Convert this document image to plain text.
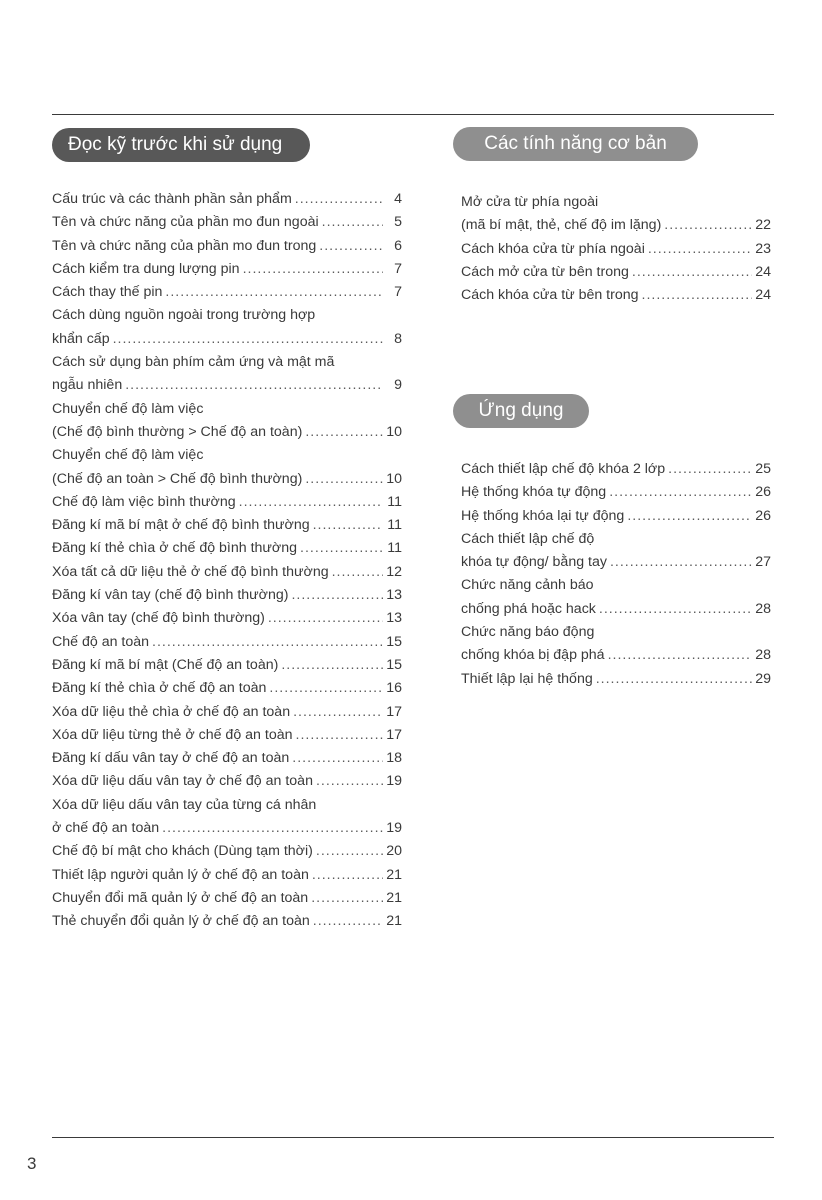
Đọc kỹ trước khi sử dụng	Các tính năng cơ bản
Ứng dụng
Cấu trúc và các thành phần sản phẩm .....	4
Tên và chức năng của phần mo đun ngoài .....	5
Tên và chức năng của phần mo đun trong .....	6
Cách kiểm tra dung lượng pin .....	7
Cách thay thế pin .....	7
Cách dùng nguồn ngoài trong trường hợp
khẩn cấp .....	8
Cách sử dụng bàn phím cảm ứng và mật mã
ngẫu nhiên .....	9
Chuyển chế độ làm việc
(Chế độ bình thường > Chế độ an toàn) .....	10
Chuyển chế độ làm việc
(Chế độ an toàn > Chế độ bình thường) .....	10
Chế độ làm việc bình thường .....	11
Đăng kí mã bí mật ở chế độ bình thường .....	11
Đăng kí thẻ chìa ở chế độ bình thường .....	11
Xóa tất cả dữ liệu thẻ ở chế độ bình thường .....	12
Đăng kí vân tay (chế độ bình thường) .....	13
Xóa vân tay (chế độ bình thường) .....	13
Chế độ an toàn .....	15
Đăng kí mã bí mật (Chế độ an toàn) .....	15
Đăng kí thẻ chìa ở chế độ an toàn .....	16
Xóa dữ liệu thẻ chìa ở chế độ an toàn .....	17
Xóa dữ liệu từng thẻ ở chế độ an toàn .....	17
Đăng kí dấu vân tay ở chế độ an toàn .....	18
Xóa dữ liệu dấu vân tay ở chế độ an toàn .....	19
Xóa dữ liệu dấu vân tay của từng cá nhân
ở chế độ an toàn .....	19
Chế độ bí mật cho khách (Dùng tạm thời) .....	20
Thiết lập người quản lý ở chế độ an toàn .....	21
Chuyển đổi mã quản lý ở chế độ an toàn .....	21
Thẻ chuyển đổi quản lý ở chế độ an toàn .....	21
Mở cửa từ phía ngoài
(mã bí mật, thẻ, chế độ im lặng) .....	22
Cách khóa cửa từ phía ngoài .....	23
Cách mở cửa từ bên trong .....	24
Cách khóa cửa từ bên trong .....	24
Cách thiết lập chế độ khóa 2 lớp .....	25
Hệ thống khóa tự động .....	26
Hệ thống khóa lại tự động .....	26
Cách thiết lập chế độ
khóa tự động/ bằng tay .....	27
Chức năng cảnh báo
chống phá hoặc hack .....	28
Chức năng báo động
chống khóa bị đập phá .....	28
Thiết lập lại hệ thống .....	29
3
